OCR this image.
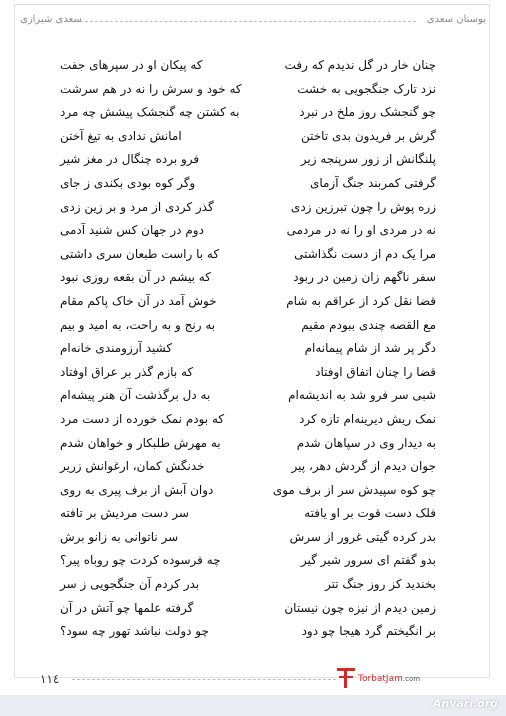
بوستان سعدی
سعدی شیرازی
چنان خار در گل ندیدم که رفت
که پیکان او در سپرهای جفت
نزد تارک جنگجویی به خشت
که خود و سرش را نه در هم سرشت
چو گنجشک روز ملخ در نبرد
به کشتن چه گنجشک پیشش چه مرد
گرش بر فریدون بدی تاختن
امانش ندادی به تیغ آختن
پلنگانش از زور سرپنجه زیر
فرو برده چنگال در مغز شیر
گرفتی کمربند جنگ آزمای
وگر کوه بودی بکندی ز جای
زره پوش را چون تبرزین زدی
گذر کردی از مرد و بر زین زدی
نه در مردی او را نه در مردمی
دوم در جهان کس شنید آدمی
مرا یک دم از دست نگذاشتی
که با راست طبعان سری داشتی
سفر ناگهم زان زمین در ربود
که بیشم در آن بقعه روزی نبود
قضا نقل کرد از عراقم به شام
خوش آمد در آن خاک پاکم مقام
مع القصه چندی ببودم مقیم
به رنج و به راحت، به امید و بیم
دگر پر شد از شام پیمانه‌ام
کشید آرزومندی خانه‌ام
قضا را چنان اتفاق اوفتاد
که بازم گذر بر عراق اوفتاد
شبی سر فرو شد به اندیشه‌ام
به دل برگذشت آن هنر پیشه‌ام
نمک ریش دیرینه‌ام تازه کرد
که بودم نمک خورده از دست مرد
به دیدار وی در سپاهان شدم
به مهرش طلبکار و خواهان شدم
جوان دیدم از گردش دهر، پیر
خدنگش کمان، ارغوانش زریر
چو کوه سپیدش سر از برف موی
دوان آبش از برف پیری به روی
فلک دست قوت بر او یافته
سر دست مردیش بر تافته
بدر کرده گیتی غرور از سرش
سر ناتوانی به زانو برش
بدو گفتم ای سرور شیر گیر
چه فرسوده کردت چو روباه پیر؟
بخندید کز روز جنگ تتر
بدر کردم آن جنگجویی ز سر
زمین دیدم از نیزه چون نیستان
گرفته علمها چو آتش در آن
بر انگیختم گرد هیجا چو دود
چو دولت نباشد تهور چه سود؟
١١٤	TorbatJam.com
Anvari.org
